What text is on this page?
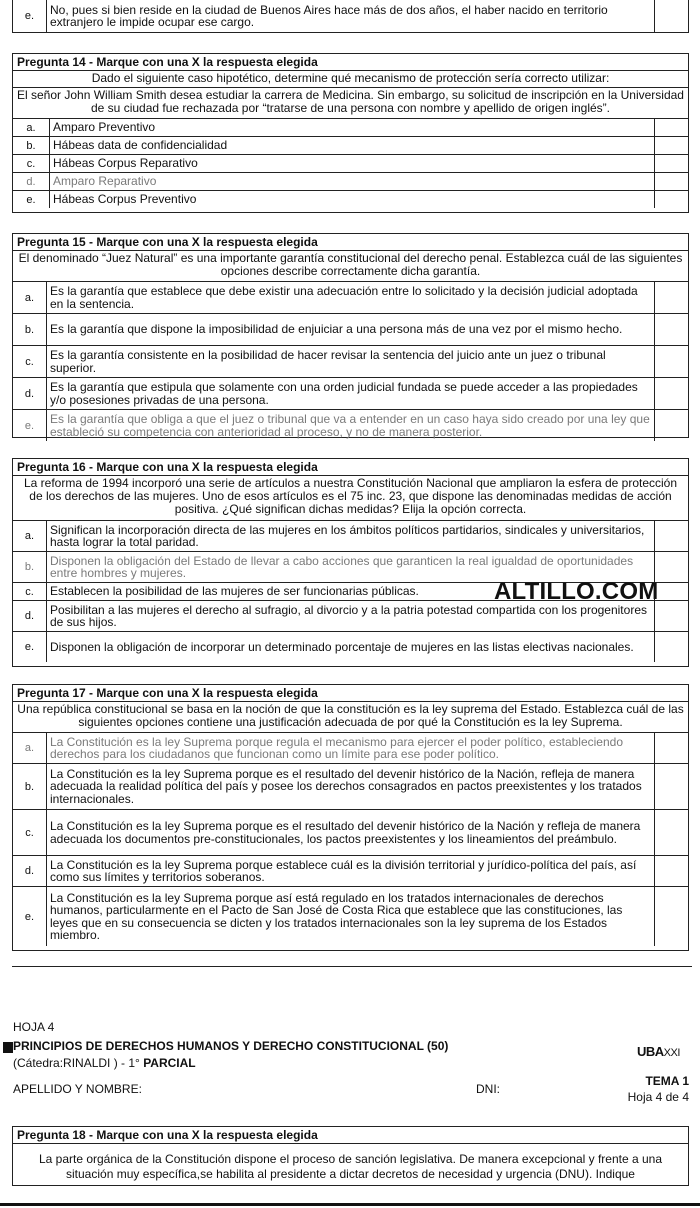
e.	No, pues si bien reside en la ciudad de Buenos Aires hace más de dos años, el haber nacido en territorio extranjero le impide ocupar ese cargo.
Pregunta 14 - Marque con una X la respuesta elegida
Dado el siguiente caso hipotético, determine qué mecanismo de protección sería correcto utilizar:
El señor John William Smith desea estudiar la carrera de Medicina. Sin embargo, su solicitud de inscripción en la Universidad de su ciudad fue rechazada por “tratarse de una persona con nombre y apellido de origen inglés”.
a.	Amparo Preventivo
b.	Hábeas data de confidencialidad
c.	Hábeas Corpus Reparativo
d.	Amparo Reparativo
e.	Hábeas Corpus Preventivo
Pregunta 15 - Marque con una X la respuesta elegida
El denominado “Juez Natural” es una importante garantía constitucional del derecho penal. Establezca cuál de las siguientes opciones describe correctamente dicha garantía.
a.	Es la garantía que establece que debe existir una adecuación entre lo solicitado y la decisión judicial adoptada en la sentencia.
b.	Es la garantía que dispone la imposibilidad de enjuiciar a una persona más de una vez por el mismo hecho.
c.	Es la garantía consistente en la posibilidad de hacer revisar la sentencia del juicio ante un juez o tribunal superior.
d.	Es la garantía que estipula que solamente con una orden judicial fundada se puede acceder a las propiedades y/o posesiones privadas de una persona.
e.	Es la garantía que obliga a que el juez o tribunal que va a entender en un caso haya sido creado por una ley que estableció su competencia con anterioridad al proceso, y no de manera posterior.
Pregunta 16 - Marque con una X la respuesta elegida
La reforma de 1994 incorporó una serie de artículos a nuestra Constitución Nacional que ampliaron la esfera de protección de los derechos de las mujeres. Uno de esos artículos es el 75 inc. 23, que dispone las denominadas medidas de acción positiva. ¿Qué significan dichas medidas? Elija la opción correcta.
a.	Significan la incorporación directa de las mujeres en los ámbitos políticos partidarios, sindicales y universitarios, hasta lograr la total paridad.
b.	Disponen la obligación del Estado de llevar a cabo acciones que garanticen la real igualdad de oportunidades entre hombres y mujeres.
c.	Establecen la posibilidad de las mujeres de ser funcionarias públicas.
d.	Posibilitan a las mujeres el derecho al sufragio, al divorcio y a la patria potestad compartida con los progenitores de sus hijos.
e.	Disponen la obligación de incorporar un determinado porcentaje de mujeres en las listas electivas nacionales.
ALTILLO.COM
Pregunta 17 - Marque con una X la respuesta elegida
Una república constitucional se basa en la noción de que la constitución es la ley suprema del Estado. Establezca cuál de las siguientes opciones contiene una justificación adecuada de por qué la Constitución es la ley Suprema.
a.	La Constitución es la ley Suprema porque regula el mecanismo para ejercer el poder político, estableciendo derechos para los ciudadanos que funcionan como un límite para ese poder político.
b.
La Constitución es la ley Suprema porque es el resultado del devenir histórico de la Nación, refleja de manera adecuada la realidad política del país y posee los derechos consagrados en pactos preexistentes y los tratados internacionales.
c.	La Constitución es la ley Suprema porque es el resultado del devenir histórico de la Nación y refleja de manera adecuada los documentos pre-constitucionales, los pactos preexistentes y los lineamientos del preámbulo.
d.	La Constitución es la ley Suprema porque establece cuál es la división territorial y jurídico-política del país, así como sus límites y territorios soberanos.
e.
La Constitución es la ley Suprema porque así está regulado en los tratados internacionales de derechos humanos, particularmente en el Pacto de San José de Costa Rica que establece que las constituciones, las leyes que en su consecuencia se dicten y los tratados internacionales son la ley suprema de los Estados miembro.
HOJA 4
PRINCIPIOS DE DERECHOS HUMANOS Y DERECHO CONSTITUCIONAL (50)
(Cátedra:RINALDI ) - 1° PARCIAL
UBAXXI
APELLIDO Y NOMBRE:	DNI:
TEMA 1
Hoja 4 de 4
Pregunta 18 - Marque con una X la respuesta elegida
La parte orgánica de la Constitución dispone el proceso de sanción legislativa. De manera excepcional y frente a una situación muy específica,se habilita al presidente a dictar decretos de necesidad y urgencia (DNU). Indique
